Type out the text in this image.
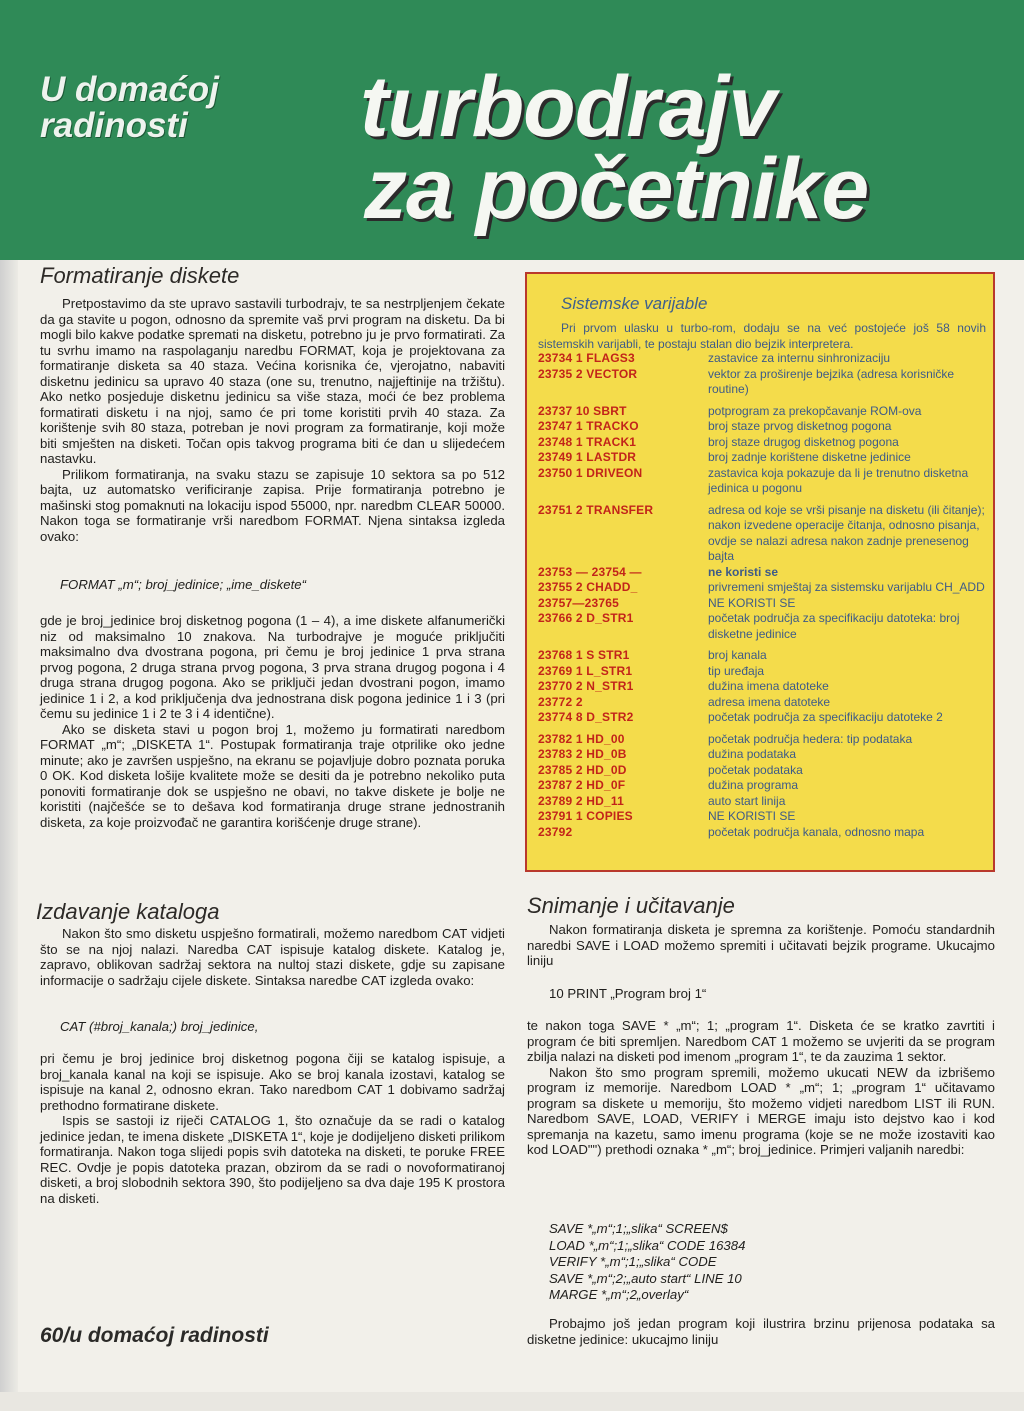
U domaćoj
radinosti	turbodrajv
za početnike
Formatiranje diskete

Pretpostavimo da ste upravo sastavili turbodrajv, te sa nestrpljenjem čekate da ga stavite u pogon, odnosno da spremite vaš prvi program na disketu. Da bi mogli bilo kakve podatke spremati na disketu, potrebno ju je prvo formatirati. Za tu svrhu imamo na raspolaganju naredbu FORMAT, koja je projektovana za formatiranje disketa sa 40 staza. Većina korisnika će, vjerojatno, nabaviti disketnu jedinicu sa upravo 40 staza (one su, trenutno, najjeftinije na tržištu). Ako netko posjeduje disketnu jedinicu sa više staza, moći će bez problema formatirati disketu i na njoj, samo će pri tome koristiti prvih 40 staza. Za korištenje svih 80 staza, potreban je novi program za formatiranje, koji može biti smješten na disketi. Točan opis takvog programa biti će dan u slijedećem nastavku.

Prilikom formatiranja, na svaku stazu se zapisuje 10 sektora sa po 512 bajta, uz automatsko verificiranje zapisa. Prije formatiranja potrebno je mašinski stog pomaknuti na lokaciju ispod 55000, npr. naredbm CLEAR 50000. Nakon toga se formatiranje vrši naredbom FORMAT. Njena sintaksa izgleda ovako:

FORMAT „m“; broj_jedinice; „ime_diskete“

gde je broj_jedinice broj disketnog pogona (1 – 4), a ime diskete alfanumerički niz od maksimalno 10 znakova. Na turbodrajve je moguće priključiti maksimalno dva dvostrana pogona, pri čemu je broj jedinice 1 prva strana prvog pogona, 2 druga strana prvog pogona, 3 prva strana drugog pogona i 4 druga strana drugog pogona. Ako se priključi jedan dvostrani pogon, imamo jedinice 1 i 2, a kod priključenja dva jednostrana disk pogona jedinice 1 i 3 (pri čemu su jedinice 1 i 2 te 3 i 4 identične).

Ako se disketa stavi u pogon broj 1, možemo ju formatirati naredbom FORMAT „m“; „DISKETA 1“. Postupak formatiranja traje otprilike oko jedne minute; ako je završen uspješno, na ekranu se pojavljuje dobro poznata poruka 0 OK. Kod disketa lošije kvalitete može se desiti da je potrebno nekoliko puta ponoviti formatiranje dok se uspješno ne obavi, no takve diskete je bolje ne koristiti (najčešće se to dešava kod formatiranja druge strane jednostranih disketa, za koje proizvođač ne garantira korišćenje druge strane).

Izdavanje kataloga

Nakon što smo disketu uspješno formatirali, možemo naredbom CAT vidjeti što se na njoj nalazi. Naredba CAT ispisuje katalog diskete. Katalog je, zapravo, oblikovan sadržaj sektora na nultoj stazi diskete, gdje su zapisane informacije o sadržaju cijele diskete. Sintaksa naredbe CAT izgleda ovako:

CAT (#broj_kanala;) broj_jedinice,

pri čemu je broj jedinice broj disketnog pogona čiji se katalog ispisuje, a broj_kanala kanal na koji se ispisuje. Ako se broj kanala izostavi, katalog se ispisuje na kanal 2, odnosno ekran. Tako naredbom CAT 1 dobivamo sadržaj prethodno formatirane diskete.

Ispis se sastoji iz riječi CATALOG 1, što označuje da se radi o katalog jedinice jedan, te imena diskete „DISKETA 1“, koje je dodijeljeno disketi prilikom formatiranja. Nakon toga slijedi popis svih datoteka na disketi, te poruke FREE REC. Ovdje je popis datoteka prazan, obzirom da se radi o novoformatiranoj disketi, a broj slobodnih sektora 390, što podijeljeno sa dva daje 195 K prostora na disketi.

Sistemske varijable

Pri prvom ulasku u turbo-rom, dodaju se na već postojeće još 58 novih sistemskih varijabli, te postaju stalan dio bejzik interpretera.

23734 1 FLAGS3	zastavice za internu sinhronizaciju
23735 2 VECTOR	vektor za proširenje bejzika (adresa korisničke routine)
23737 10 SBRT	potprogram za prekopčavanje ROM-ova
23747 1 TRACKO	broj staze prvog disketnog pogona
23748 1 TRACK1	broj staze drugog disketnog pogona
23749 1 LASTDR	broj zadnje korištene disketne jedinice
23750 1 DRIVEON	zastavica koja pokazuje da li je trenutno disketna jedinica u pogonu
23751 2 TRANSFER	adresa od koje se vrši pisanje na disketu (ili čitanje); nakon izvedene operacije čitanja, odnosno pisanja, ovdje se nalazi adresa nakon zadnje prenesenog bajta
23753 — 23754 —	ne koristi se
23755 2 CHADD_	privremeni smještaj za sistemsku varijablu CH_ADD
23757—23765	NE KORISTI SE
23766 2 D_STR1	početak područja za specifikaciju datoteka: broj disketne jedinice
23768 1 S STR1	broj kanala
23769 1 L_STR1	tip uređaja
23770 2 N_STR1	dužina imena datoteke
23772 2	adresa imena datoteke
23774 8 D_STR2	početak područja za specifikaciju datoteke 2
23782 1 HD_00	početak područja hedera: tip podataka
23783 2 HD_0B	dužina podataka
23785 2 HD_0D	početak podataka
23787 2 HD_0F	dužina programa
23789 2 HD_11	auto start linija
23791 1 COPIES	NE KORISTI SE
23792	početak područja kanala, odnosno mapa
Snimanje i učitavanje

Nakon formatiranja disketa je spremna za korištenje. Pomoću standardnih naredbi SAVE i LOAD možemo spremiti i učitavati bejzik programe. Ukucajmo liniju

10 PRINT „Program broj 1“

te nakon toga SAVE * „m“; 1; „program 1“. Disketa će se kratko zavrtiti i program će biti spremljen. Naredbom CAT 1 možemo se uvjeriti da se program zbilja nalazi na disketi pod imenom „program 1“, te da zauzima 1 sektor.

Nakon što smo program spremili, možemo ukucati NEW da izbrišemo program iz memorije. Naredbom LOAD * „m“; 1; „program 1“ učitavamo program sa diskete u memoriju, što možemo vidjeti naredbom LIST ili RUN. Naredbom SAVE, LOAD, VERIFY i MERGE imaju isto dejstvo kao i kod spremanja na kazetu, samo imenu programa (koje se ne može izostaviti kao kod LOAD"") prethodi oznaka * „m“; broj_jedinice. Primjeri valjanih naredbi:

SAVE *„m“;1;„slika“ SCREEN$
LOAD *„m“;1;„slika“ CODE 16384
VERIFY *„m“;1;„slika“ CODE
SAVE *„m“;2;„auto start“ LINE 10
MARGE *„m“;2„overlay“

Probajmo još jedan program koji ilustrira brzinu prijenosa podataka sa disketne jedinice: ukucajmo liniju

60/u domaćoj radinosti
